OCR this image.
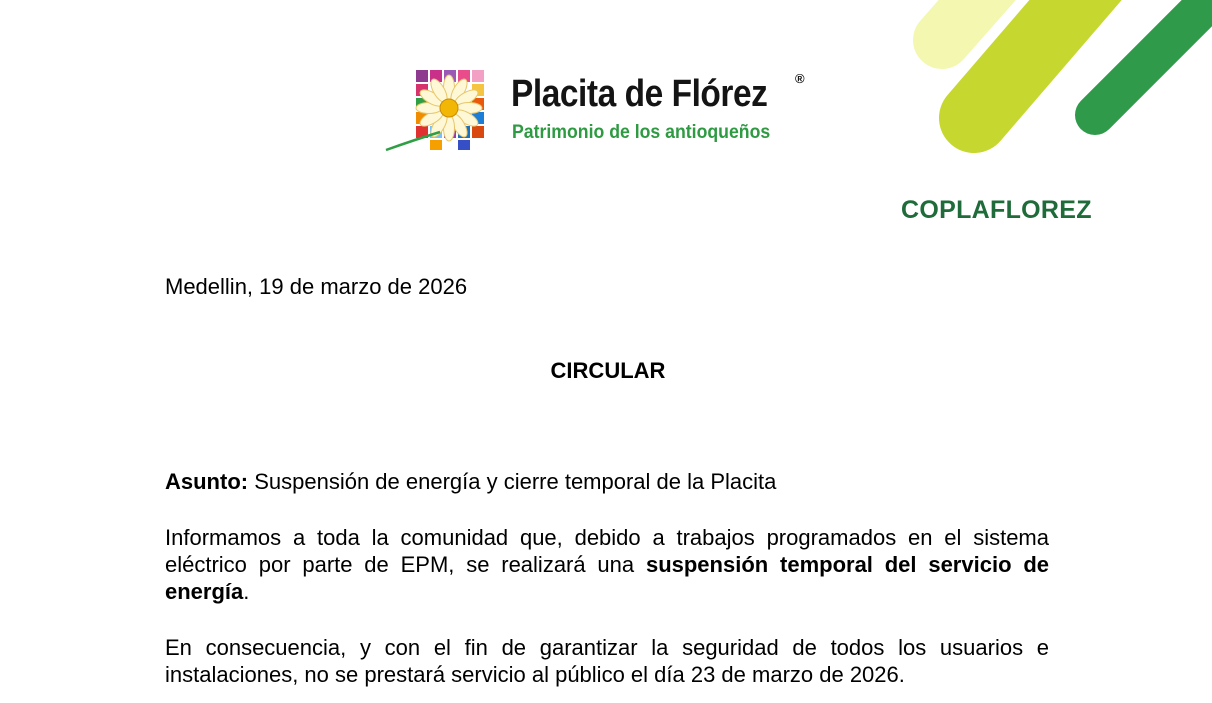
Placita de Flórez ®
Patrimonio de los antioqueños
COPLAFLOREZ

Medellin, 19 de marzo de 2026

CIRCULAR

Asunto: Suspensión de energía y cierre temporal de la Placita

Informamos a toda la comunidad que, debido a trabajos programados en el sistema eléctrico por parte de EPM, se realizará una suspensión temporal del servicio de energía.

En consecuencia, y con el fin de garantizar la seguridad de todos los usuarios e instalaciones, no se prestará servicio al público el día 23 de marzo de 2026.
